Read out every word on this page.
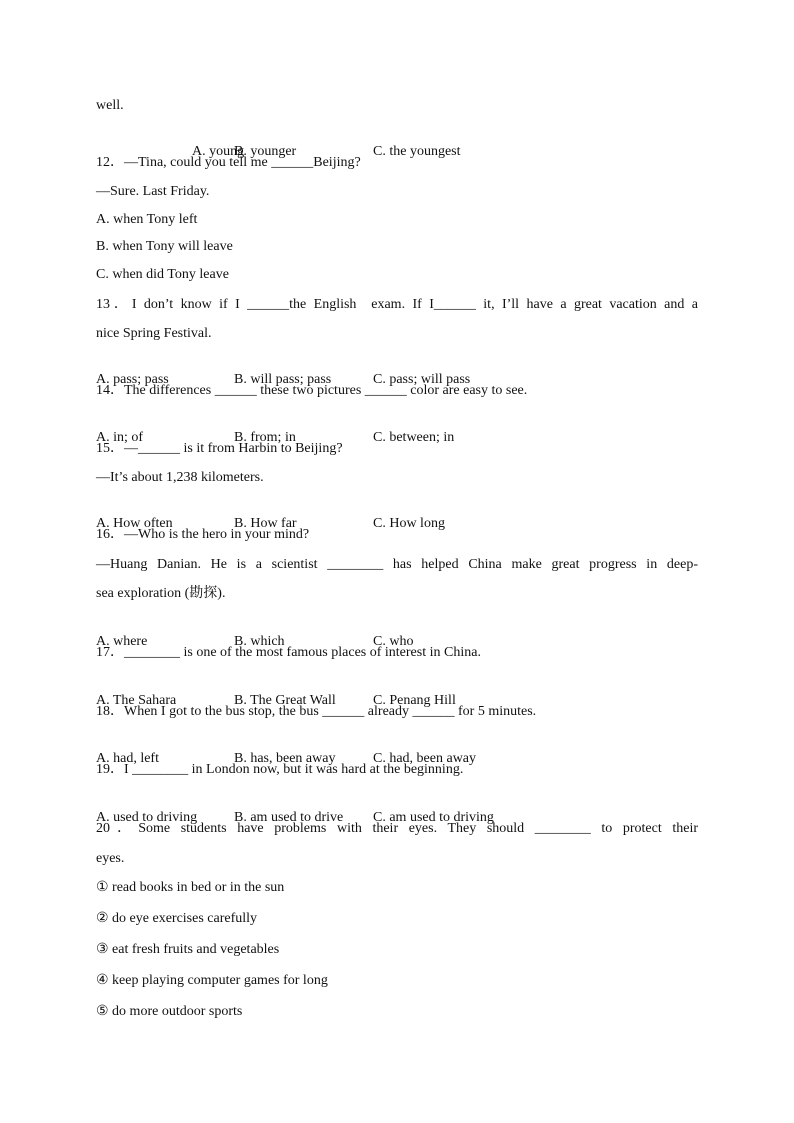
well.

A. young
B. younger	C. the youngest

12．—Tina, could you tell me ______Beijing?
—Sure. Last Friday.
A. when Tony left
B. when Tony will leave
C. when did Tony leave
13．I don’t know if I ______the English  exam. If I______ it, I’ll have a great vacation and a
nice Spring Festival.

A. pass; pass	B. will pass; pass	C. pass; will pass

14．The differences ______ these two pictures ______ color are easy to see.

A. in; of	B. from; in	C. between; in

15．—______ is it from Harbin to Beijing?
—It’s about 1,238 kilometers.

A. How often	B. How far	C. How long

16．—Who is the hero in your mind?
—Huang Danian. He is a scientist ________ has helped China make great progress in deep-
sea exploration (勘探).

A. where	B. which	C. who

17．________ is one of the most famous places of interest in China.

A. The Sahara	B. The Great Wall	C. Penang Hill

18．When I got to the bus stop, the bus ______ already ______ for 5 minutes.

A. had, left	B. has, been away	C. had, been away

19．I ________ in London now, but it was hard at the beginning.

A. used to driving	B. am used to drive C. am used to driving

20．Some students have problems with their eyes. They should ________ to protect their
eyes.
① read books in bed or in the sun
② do eye exercises carefully
③ eat fresh fruits and vegetables
④ keep playing computer games for long
⑤ do more outdoor sports
